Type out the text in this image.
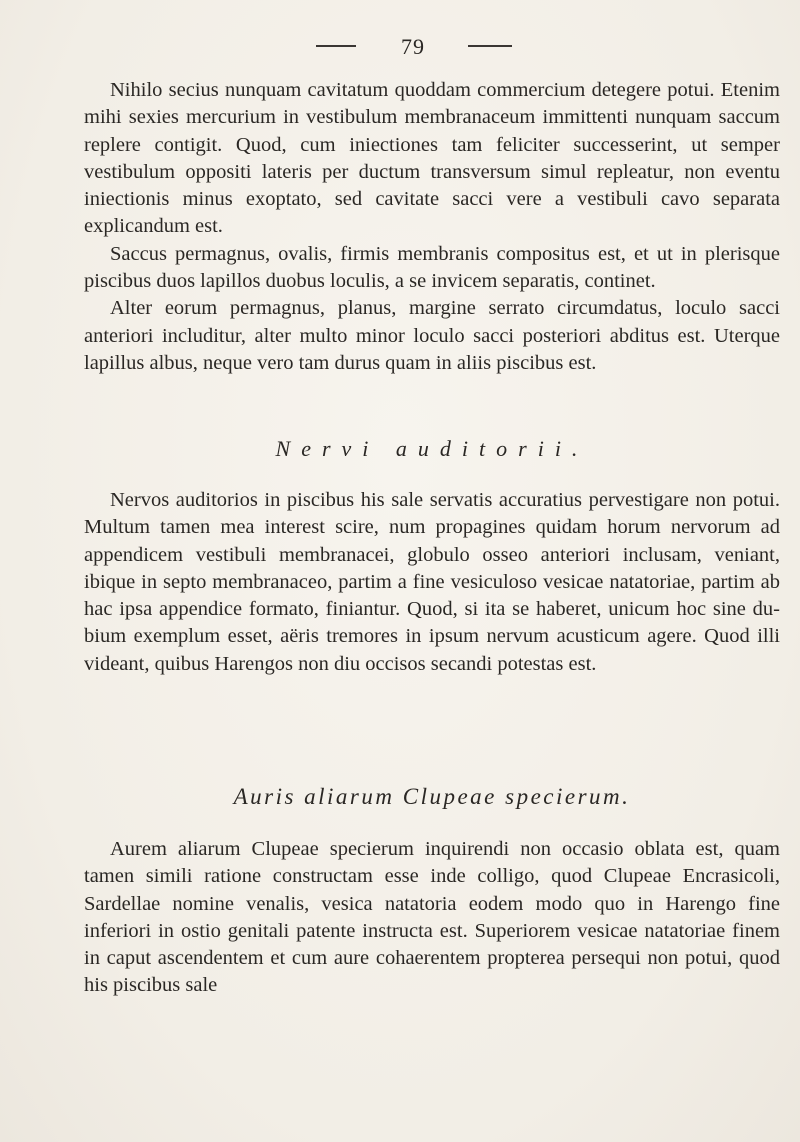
79

Nihilo secius nunquam cavitatum quoddam commercium detegere potui. Etenim mihi sexies mercurium in vestibulum membranaceum immittenti nunquam saccum replere contigit. Quod, cum iniectiones tam feliciter successerint, ut semper vestibulum oppositi lateris per ductum transversum simul repleatur, non eventu iniectionis minus exoptato, sed cavitate sacci vere a vestibuli cavo separata explicandum est.

Saccus permagnus, ovalis, firmis membranis compositus est, et ut in plerisque piscibus duos lapillos duobus loculis, a se invicem separatis, continet.

Alter eorum permagnus, planus, margine serrato circumdatus, loculo sacci anteriori includitur, alter multo minor loculo sacci posteriori abditus est. Uterque lapillus albus, neque vero tam durus quam in aliis piscibus est.

Nervi auditorii.

Nervos auditorios in piscibus his sale servatis accuratius pervestigare non potui. Multum tamen mea interest scire, num propagines quidam horum nervorum ad appendicem vestibuli membranacei, globulo osseo anteriori inclusam, veniant, ibique in septo membranaceo, partim a fine vesiculoso vesicae natatoriae, partim ab hac ipsa appendice formato, finiantur. Quod, si ita se haberet, unicum hoc sine dubium exemplum esset, aëris tremores in ipsum nervum acusticum agere. Quod illi videant, quibus Harengos non diu occisos secandi potestas est.

Auris aliarum Clupeae specierum.

Aurem aliarum Clupeae specierum inquirendi non occasio oblata est, quam tamen simili ratione constructam esse inde colligo, quod Clupeae Encrasicoli, Sardellae nomine venalis, vesica natatoria eodem modo quo in Harengo fine inferiori in ostio genitali patente instructa est. Superiorem vesicae natatoriae finem in caput ascendentem et cum aure cohaerentem propterea persequi non potui, quod his piscibus sale
